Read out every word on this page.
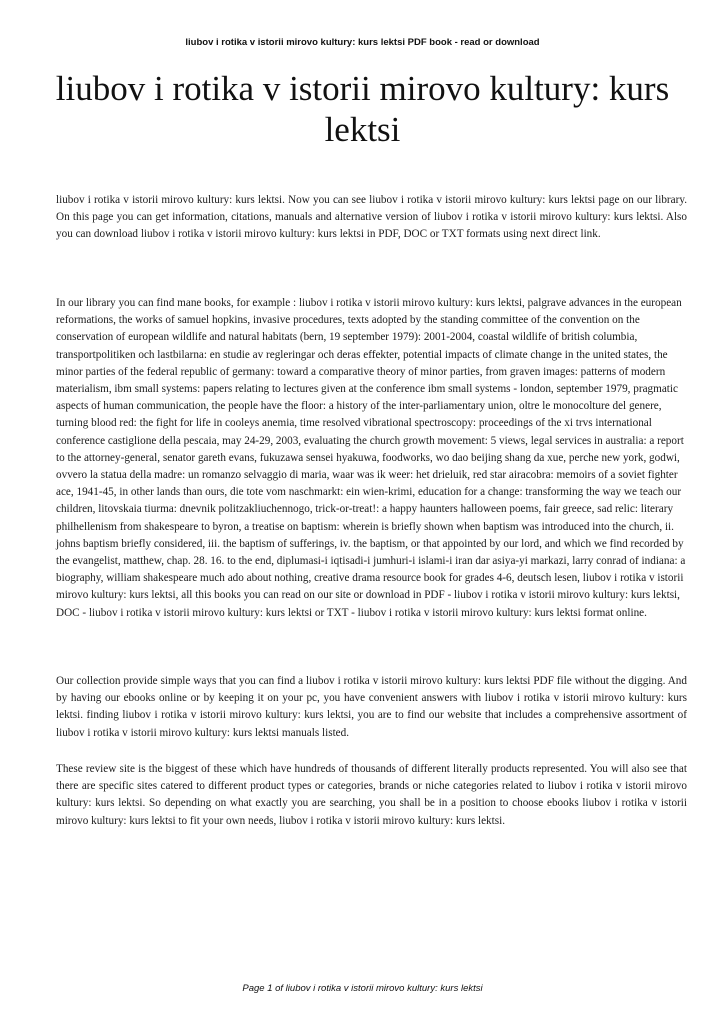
liubov i rotika v istorii mirovo kultury: kurs lektsi PDF book - read or download
liubov i rotika v istorii mirovo kultury: kurs lektsi

liubov i rotika v istorii mirovo kultury: kurs lektsi. Now you can see liubov i rotika v istorii mirovo kultury: kurs lektsi page on our library. On this page you can get information, citations, manuals and alternative version of liubov i rotika v istorii mirovo kultury: kurs lektsi. Also you can download liubov i rotika v istorii mirovo kultury: kurs lektsi in PDF, DOC or TXT formats using next direct link.

In our library you can find mane books, for example : liubov i rotika v istorii mirovo kultury: kurs lektsi, palgrave advances in the european reformations, the works of samuel hopkins, invasive procedures, texts adopted by the standing committee of the convention on the conservation of european wildlife and natural habitats (bern, 19 september 1979): 2001-2004, coastal wildlife of british columbia, transportpolitiken och lastbilarna: en studie av regleringar och deras effekter, potential impacts of climate change in the united states, the minor parties of the federal republic of germany: toward a comparative theory of minor parties, from graven images: patterns of modern materialism, ibm small systems: papers relating to lectures given at the conference ibm small systems - london, september 1979, pragmatic aspects of human communication, the people have the floor: a history of the inter-parliamentary union, oltre le monocolture del genere, turning blood red: the fight for life in cooleys anemia, time resolved vibrational spectroscopy: proceedings of the xi trvs international conference castiglione della pescaia, may 24-29, 2003, evaluating the church growth movement: 5 views, legal services in australia: a report to the attorney-general, senator gareth evans, fukuzawa sensei hyakuwa, foodworks, wo dao beijing shang da xue, perche new york, godwi, ovvero la statua della madre: un romanzo selvaggio di maria, waar was ik weer: het drieluik, red star airacobra: memoirs of a soviet fighter ace, 1941-45, in other lands than ours, die tote vom naschmarkt: ein wien-krimi, education for a change: transforming the way we teach our children, litovskaia tiurma: dnevnik politzakliuchennogo, trick-or-treat!: a happy haunters halloween poems, fair greece, sad relic: literary philhellenism from shakespeare to byron, a treatise on baptism: wherein is briefly shown when baptism was introduced into the church, ii. johns baptism briefly considered, iii. the baptism of sufferings, iv. the baptism, or that appointed by our lord, and which we find recorded by the evangelist, matthew, chap. 28. 16. to the end, diplumasi-i iqtisadi-i jumhuri-i islami-i iran dar asiya-yi markazi, larry conrad of indiana: a biography, william shakespeare much ado about nothing, creative drama resource book for grades 4-6, deutsch lesen, liubov i rotika v istorii mirovo kultury: kurs lektsi, all this books you can read on our site or download in PDF - liubov i rotika v istorii mirovo kultury: kurs lektsi, DOC - liubov i rotika v istorii mirovo kultury: kurs lektsi or TXT - liubov i rotika v istorii mirovo kultury: kurs lektsi format online.

Our collection provide simple ways that you can find a liubov i rotika v istorii mirovo kultury: kurs lektsi PDF file without the digging. And by having our ebooks online or by keeping it on your pc, you have convenient answers with liubov i rotika v istorii mirovo kultury: kurs lektsi. finding liubov i rotika v istorii mirovo kultury: kurs lektsi, you are to find our website that includes a comprehensive assortment of liubov i rotika v istorii mirovo kultury: kurs lektsi manuals listed.

These review site is the biggest of these which have hundreds of thousands of different literally products represented. You will also see that there are specific sites catered to different product types or categories, brands or niche categories related to liubov i rotika v istorii mirovo kultury: kurs lektsi. So depending on what exactly you are searching, you shall be in a position to choose ebooks liubov i rotika v istorii mirovo kultury: kurs lektsi to fit your own needs, liubov i rotika v istorii mirovo kultury: kurs lektsi.

Page 1 of liubov i rotika v istorii mirovo kultury: kurs lektsi
